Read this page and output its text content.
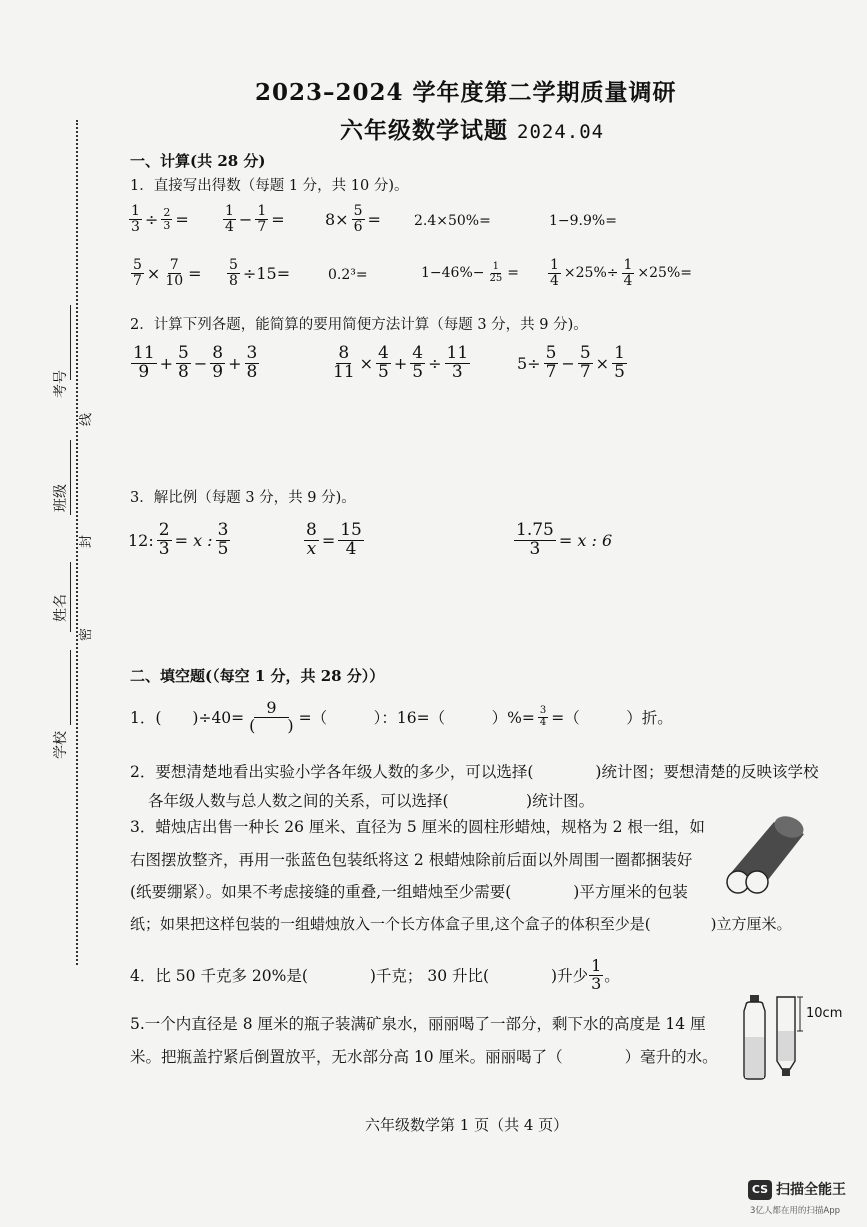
2023–2024 学年度第二学期质量调研
六年级数学试题 2024.04
考号
班级
姓名
学校
线
封
密
一、计算(共 28 分)
1．直接写出得数（每题 1 分，共 10 分)。
$\frac{1}{3} \div \frac{2}{3} = \frac{1}{4} - \frac{1}{7}$ =	$8\times \frac{5}{6} = 2.4\times 50\%=$	1−9.9%=
$\frac{5}{7} \times \frac{7}{10} = \frac{5}{8} \div 15=$	0.2³=	$1-46\%- \frac{1}{25} = \frac{1}{4} \times 25\%\div \frac{1}{4} \times 25\%=$
2．计算下列各题，能简算的要用简便方法计算（每题 3 分，共 9 分)。
$\frac{11}{9} + \frac{5}{8} - \frac{8}{9} + \frac{3}{8}$	$\frac{8}{11} \times \frac{4}{5} + \frac{4}{5} \div \frac{11}{3}$	$5\div \frac{5}{7} - \frac{5}{7} \times \frac{1}{5}$
3．解比例（每题 3 分，共 9 分)。
12: $\frac{2}{3} = x$ : $\frac{3}{5}$	$\frac{8}{x} = \frac{15}{4}$	$\frac{1.75}{3} = x$ : 6
二、填空题(（每空 1 分，共 28 分））
1．(　　)$\div 40= \frac{9}{( )}$ =（　　　）：16=（　　　）%= $\frac{3}{4}$ =（　　　）折。
2．要想清楚地看出实验小学各年级人数的多少，可以选择(　　　　)统计图；要想清楚的反映该学校
各年级人数与总人数之间的关系，可以选择(　　　　　)统计图。
3．蜡烛店出售一种长 26 厘米、直径为 5 厘米的圆柱形蜡烛，规格为 2 根一组，如
右图摆放整齐，再用一张蓝色包装纸将这 2 根蜡烛除前后面以外周围一圈都捆装好
(纸要绷紧）。如果不考虑接缝的重叠,一组蜡烛至少需要(　　　　)平方厘米的包装
纸；如果把这样包装的一组蜡烛放入一个长方体盒子里,这个盒子的体积至少是(　　　　)立方厘米。
4．比 50 千克多 20%是(　　　　)千克； 30 升比(　　　　)升少 $\frac{1}{3}$ 。
5.一个内直径是 8 厘米的瓶子装满矿泉水，丽丽喝了一部分，剩下水的高度是 14 厘
米。把瓶盖拧紧后倒置放平，无水部分高 10 厘米。丽丽喝了（　　　　）毫升的水。
10cm
六年级数学第 1 页（共 4 页）
CS 扫描全能王
3亿人都在用的扫描App
